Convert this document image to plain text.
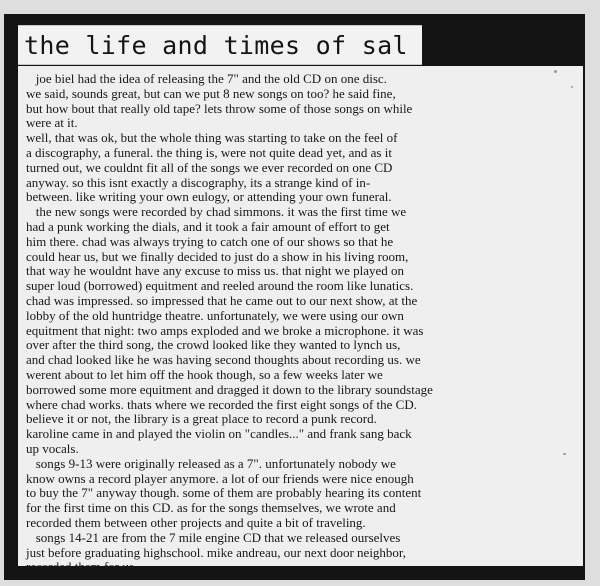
the life and times of sal sagev

joe biel had the idea of releasing the 7" and the old CD on one disc.
we said, sounds great, but can we put 8 new songs on too? he said fine,
but how bout that really old tape? lets throw some of those songs on while
were at it.
well, that was ok, but the whole thing was starting to take on the feel of
a discography, a funeral. the thing is, were not quite dead yet, and as it
turned out, we couldnt fit all of the songs we ever recorded on one CD
anyway. so this isnt exactly a discography, its a strange kind of in-
between. like writing your own eulogy, or attending your own funeral.
the new songs were recorded by chad simmons. it was the first time we
had a punk working the dials, and it took a fair amount of effort to get
him there. chad was always trying to catch one of our shows so that he
could hear us, but we finally decided to just do a show in his living room,
that way he wouldnt have any excuse to miss us. that night we played on
super loud (borrowed) equitment and reeled around the room like lunatics.
chad was impressed. so impressed that he came out to our next show, at the
lobby of the old huntridge theatre. unfortunately, we were using our own
equitment that night: two amps exploded and we broke a microphone. it was
over after the third song, the crowd looked like they wanted to lynch us,
and chad looked like he was having second thoughts about recording us. we
werent about to let him off the hook though, so a few weeks later we
borrowed some more equitment and dragged it down to the library soundstage
where chad works. thats where we recorded the first eight songs of the CD.
believe it or not, the library is a great place to record a punk record.
karoline came in and played the violin on "candles..." and frank sang back
up vocals.
songs 9-13 were originally released as a 7". unfortunately nobody we
know owns a record player anymore. a lot of our friends were nice enough
to buy the 7" anyway though. some of them are probably hearing its content
for the first time on this CD. as for the songs themselves, we wrote and
recorded them between other projects and quite a bit of traveling.
songs 14-21 are from the 7 mile engine CD that we released ourselves
just before graduating highschool. mike andreau, our next door neighbor,
recorded them for us,
